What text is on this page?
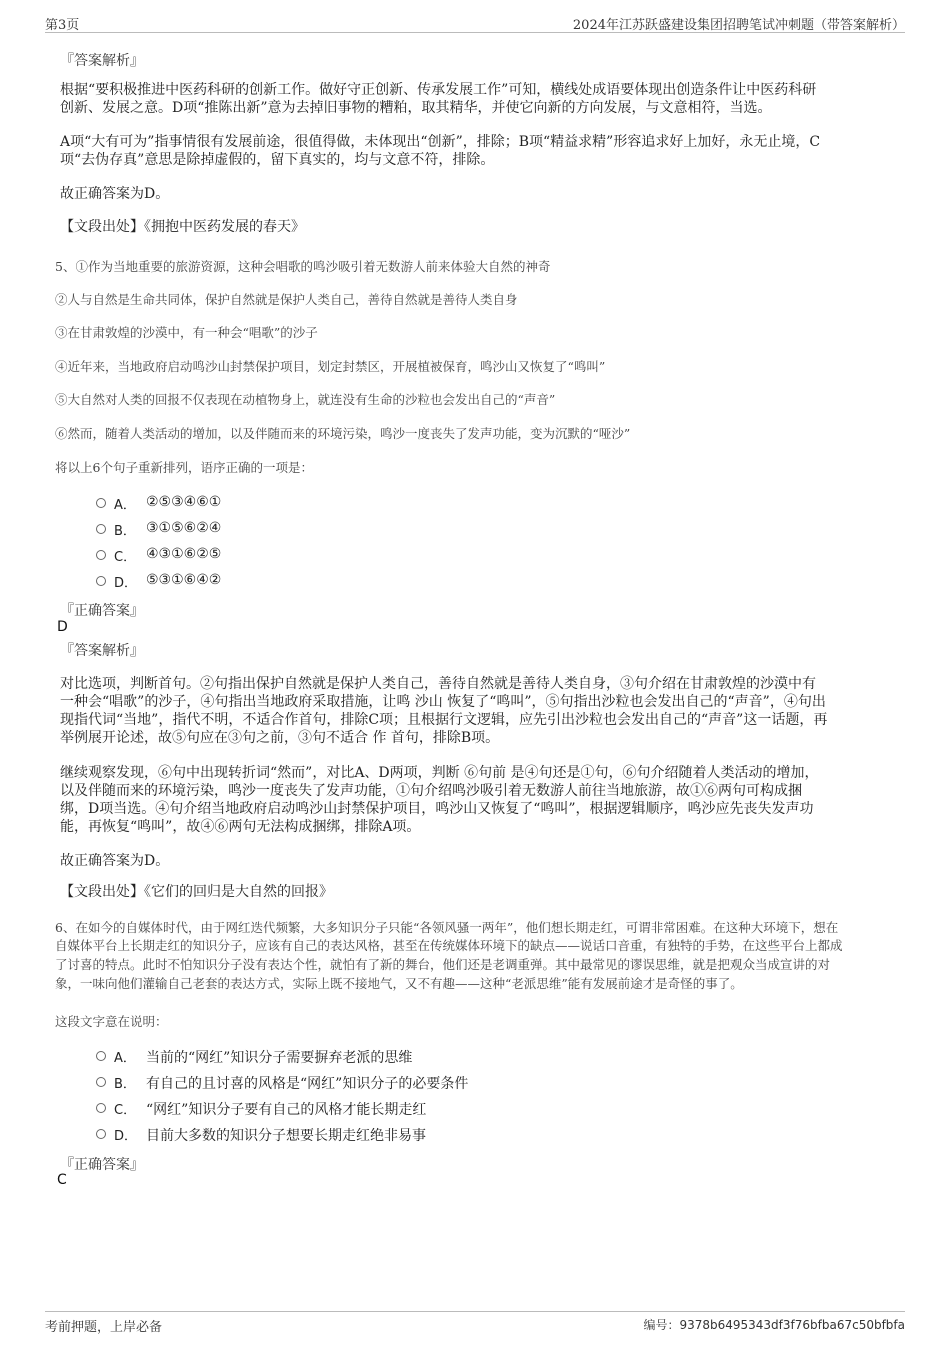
第3页	2024年江苏跃盛建设集团招聘笔试冲刺题（带答案解析）
『答案解析』
根据“要积极推进中医药科研的创新工作。做好守正创新、传承发展工作”可知，横线处成语要体现出创造条件让中医药科研
创新、发展之意。D项“推陈出新”意为去掉旧事物的糟粕，取其精华，并使它向新的方向发展，与文意相符，当选。
A项“大有可为”指事情很有发展前途，很值得做，未体现出“创新”，排除；B项“精益求精”形容追求好上加好，永无止境，C
项“去伪存真”意思是除掉虚假的，留下真实的，均与文意不符，排除。
故正确答案为D。
【文段出处】《拥抱中医药发展的春天》
5、①作为当地重要的旅游资源，这种会唱歌的鸣沙吸引着无数游人前来体验大自然的神奇
②人与自然是生命共同体，保护自然就是保护人类自己，善待自然就是善待人类自身
③在甘肃敦煌的沙漠中，有一种会“唱歌”的沙子
④近年来，当地政府启动鸣沙山封禁保护项目，划定封禁区，开展植被保育，鸣沙山又恢复了“鸣叫”
⑤大自然对人类的回报不仅表现在动植物身上，就连没有生命的沙粒也会发出自己的“声音”
⑥然而，随着人类活动的增加，以及伴随而来的环境污染，鸣沙一度丧失了发声功能，变为沉默的“哑沙”
将以上6个句子重新排列，语序正确的一项是：
A． ②⑤③④⑥①
B． ③①⑤⑥②④
C． ④③①⑥②⑤
D． ⑤③①⑥④②
『正确答案』
D
『答案解析』
对比选项，判断首句。②句指出保护自然就是保护人类自己，善待自然就是善待人类自身，③句介绍在甘肃敦煌的沙漠中有
一种会“唱歌”的沙子，④句指出当地政府采取措施，让鸣 沙山 恢复了“鸣叫”，⑤句指出沙粒也会发出自己的“声音”，④句出
现指代词“当地”，指代不明，不适合作首句，排除C项；且根据行文逻辑，应先引出沙粒也会发出自己的“声音”这一话题，再
举例展开论述，故⑤句应在③句之前，③句不适合 作 首句，排除B项。
继续观察发现，⑥句中出现转折词“然而”，对比A、D两项，判断 ⑥句前 是④句还是①句，⑥句介绍随着人类活动的增加，
以及伴随而来的环境污染，鸣沙一度丧失了发声功能，①句介绍鸣沙吸引着无数游人前往当地旅游，故①⑥两句可构成捆
绑，D项当选。④句介绍当地政府启动鸣沙山封禁保护项目，鸣沙山又恢复了“鸣叫”，根据逻辑顺序，鸣沙应先丧失发声功
能，再恢复“鸣叫”，故④⑥两句无法构成捆绑，排除A项。
故正确答案为D。
【文段出处】《它们的回归是大自然的回报》
6、在如今的自媒体时代，由于网红迭代频繁，大多知识分子只能“各领风骚一两年”，他们想长期走红，可谓非常困难。在这种大环境下，想在
自媒体平台上长期走红的知识分子，应该有自己的表达风格，甚至在传统媒体环境下的缺点——说话口音重，有独特的手势，在这些平台上都成
了讨喜的特点。此时不怕知识分子没有表达个性，就怕有了新的舞台，他们还是老调重弹。其中最常见的谬误思维，就是把观众当成宣讲的对
象，一味向他们灌输自己老套的表达方式，实际上既不接地气，又不有趣——这种“老派思维”能有发展前途才是奇怪的事了。
这段文字意在说明：
A． 当前的“网红”知识分子需要摒弃老派的思维
B． 有自己的且讨喜的风格是“网红”知识分子的必要条件
C． “网红”知识分子要有自己的风格才能长期走红
D． 目前大多数的知识分子想要长期走红绝非易事
『正确答案』
C
考前押题，上岸必备	编号：9378b6495343df3f76bfba67c50bfbfa
